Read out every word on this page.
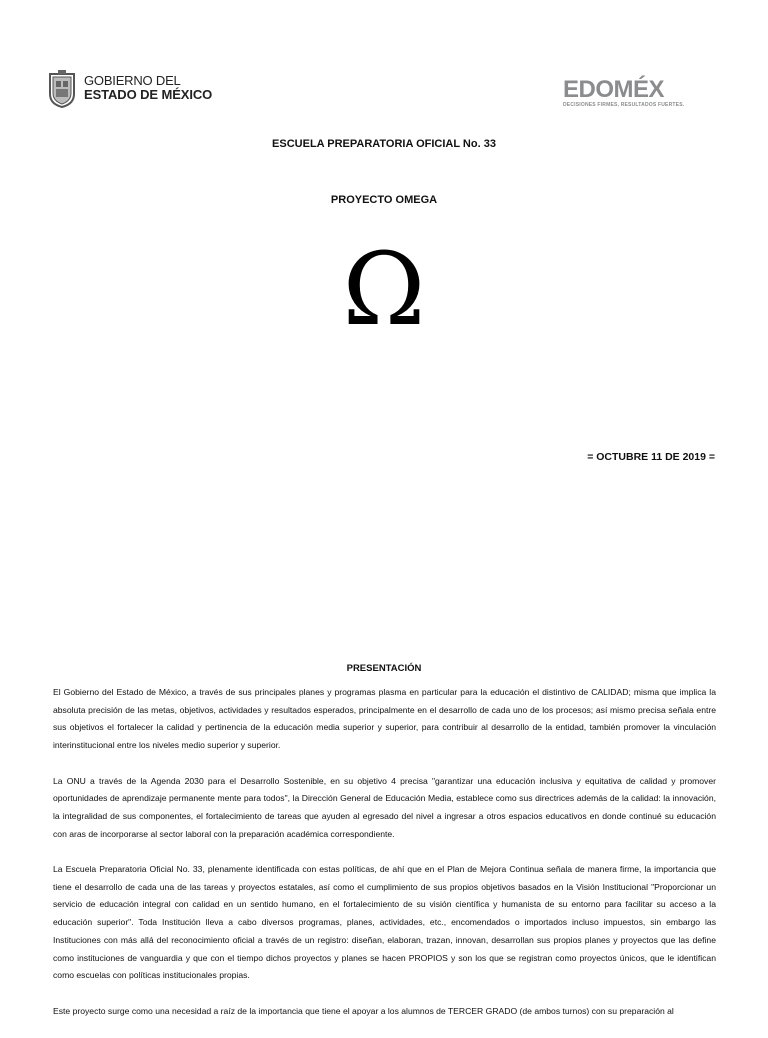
GOBIERNO DEL
ESTADO DE MÉXICO	EDOMÉX
DECISIONES FIRMES, RESULTADOS FUERTES.
ESCUELA PREPARATORIA OFICIAL No. 33
PROYECTO OMEGA
Ω
= OCTUBRE 11 DE 2019 =
PRESENTACIÓN

El Gobierno del Estado de México, a través de sus principales planes y programas plasma en particular para la educación el distintivo de CALIDAD; misma que implica la absoluta precisión de las metas, objetivos, actividades y resultados esperados, principalmente en el desarrollo de cada uno de los procesos; así mismo precisa señala entre sus objetivos el fortalecer la calidad y pertinencia de la educación media superior y superior, para contribuir al desarrollo de la entidad, también promover la vinculación interinstitucional entre los niveles medio superior y superior.

La ONU a través de la Agenda 2030 para el Desarrollo Sostenible, en su objetivo 4 precisa "garantizar una educación inclusiva y equitativa de calidad y promover oportunidades de aprendizaje permanente mente para todos", la Dirección General de Educación Media, establece como sus directrices además de la calidad: la innovación, la integralidad de sus componentes, el fortalecimiento de tareas que ayuden al egresado del nivel a ingresar a otros espacios educativos en donde continué su educación con aras de incorporarse al sector laboral con la preparación académica correspondiente.

La Escuela Preparatoria Oficial No. 33, plenamente identificada con estas políticas, de ahí que en el Plan de Mejora Continua señala de manera firme, la importancia que tiene el desarrollo de cada una de las tareas y proyectos estatales, así como el cumplimiento de sus propios objetivos basados en la Visión Institucional "Proporcionar un servicio de educación integral con calidad en un sentido humano, en el fortalecimiento de su visión científica y humanista de su entorno para facilitar su acceso a la educación superior". Toda Institución lleva a cabo diversos programas, planes, actividades, etc., encomendados o importados incluso impuestos, sin embargo las Instituciones con más allá del reconocimiento oficial a través de un registro: diseñan, elaboran, trazan, innovan, desarrollan sus propios planes y proyectos que las define como instituciones de vanguardia y que con el tiempo dichos proyectos y planes se hacen PROPIOS y son los que se registran como proyectos únicos, que le identifican como escuelas con políticas institucionales propias.

Este proyecto surge como una necesidad a raíz de la importancia que tiene el apoyar a los alumnos de TERCER GRADO (de ambos turnos) con su preparación al
